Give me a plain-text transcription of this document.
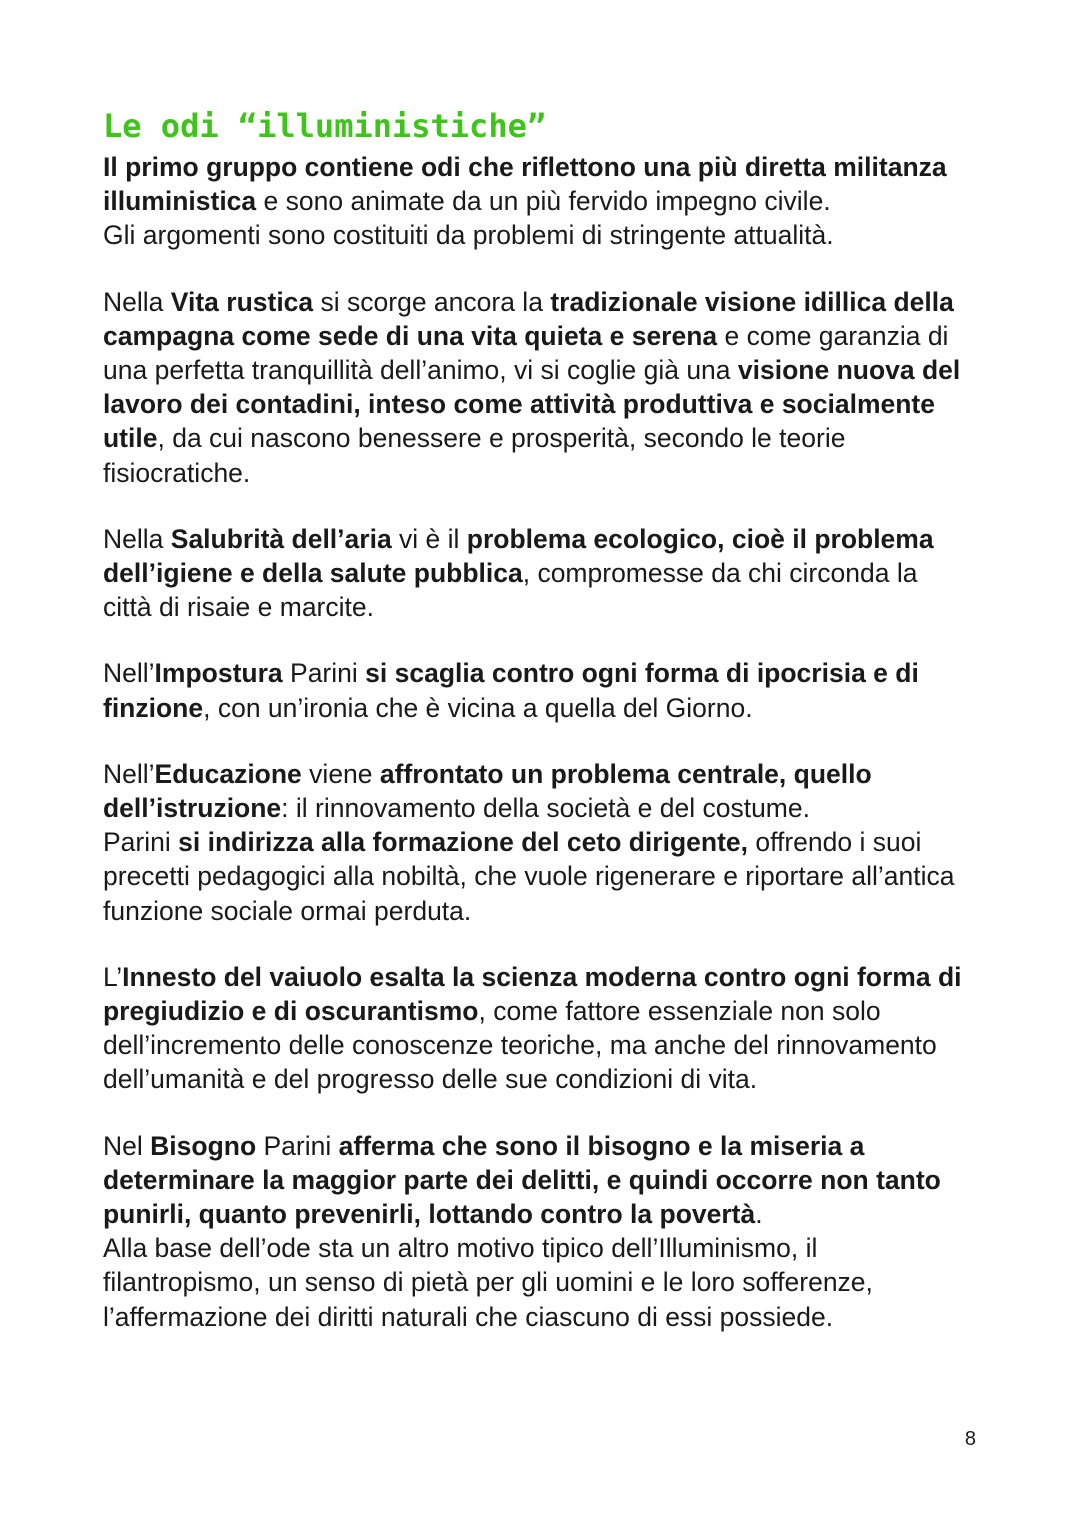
Le odi “illuministiche”

Il primo gruppo contiene odi che riflettono una più diretta militanza illuministica e sono animate da un più fervido impegno civile.
Gli argomenti sono costituiti da problemi di stringente attualità.

Nella Vita rustica si scorge ancora la tradizionale visione idillica della campagna come sede di una vita quieta e serena e come garanzia di una perfetta tranquillità dell’animo, vi si coglie già una visione nuova del lavoro dei contadini, inteso come attività produttiva e socialmente utile, da cui nascono benessere e prosperità, secondo le teorie fisiocratiche.

Nella Salubrità dell’aria vi è il problema ecologico, cioè il problema dell’igiene e della salute pubblica, compromesse da chi circonda la città di risaie e marcite.

Nell’Impostura Parini si scaglia contro ogni forma di ipocrisia e di finzione, con un’ironia che è vicina a quella del Giorno.

Nell’Educazione viene affrontato un problema centrale, quello dell’istruzione: il rinnovamento della società e del costume.
Parini si indirizza alla formazione del ceto dirigente, offrendo i suoi precetti pedagogici alla nobiltà, che vuole rigenerare e riportare all’antica funzione sociale ormai perduta.

L’Innesto del vaiuolo esalta la scienza moderna contro ogni forma di pregiudizio e di oscurantismo, come fattore essenziale non solo dell’incremento delle conoscenze teoriche, ma anche del rinnovamento dell’umanità e del progresso delle sue condizioni di vita.

Nel Bisogno Parini afferma che sono il bisogno e la miseria a determinare la maggior parte dei delitti, e quindi occorre non tanto punirli, quanto prevenirli, lottando contro la povertà.
Alla base dell’ode sta un altro motivo tipico dell’Illuminismo, il filantropismo, un senso di pietà per gli uomini e le loro sofferenze, l’affermazione dei diritti naturali che ciascuno di essi possiede.

8
